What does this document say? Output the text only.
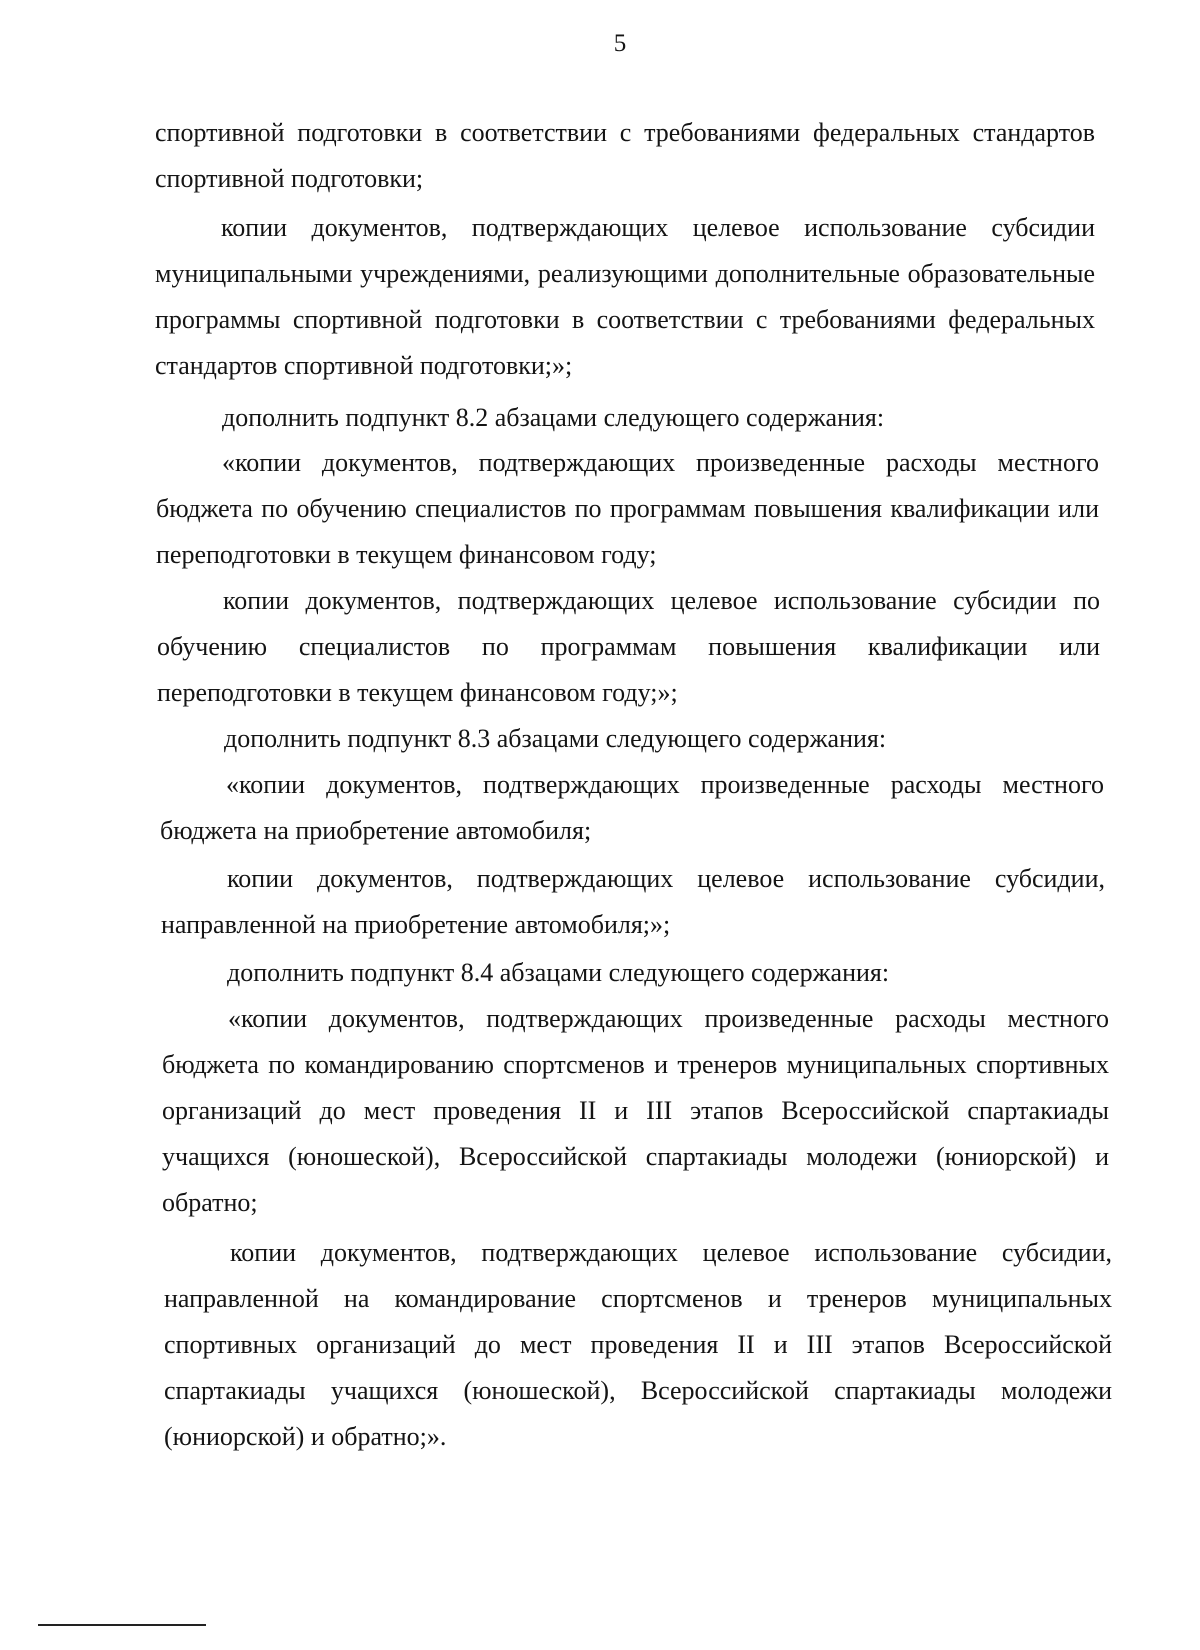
5

спортивной подготовки в соответствии с требованиями федеральных стандартов спортивной подготовки;

копии документов, подтверждающих целевое использование субсидии муниципальными учреждениями, реализующими дополнительные образовательные программы спортивной подготовки в соответствии с требованиями федеральных стандартов спортивной подготовки;»;

дополнить подпункт 8.2 абзацами следующего содержания:

«копии документов, подтверждающих произведенные расходы местного бюджета по обучению специалистов по программам повышения квалификации или переподготовки в текущем финансовом году;

копии документов, подтверждающих целевое использование субсидии по обучению специалистов по программам повышения квалификации или переподготовки в текущем финансовом году;»;

дополнить подпункт 8.3 абзацами следующего содержания:

«копии документов, подтверждающих произведенные расходы местного бюджета на приобретение автомобиля;

копии документов, подтверждающих целевое использование субсидии, направленной на приобретение автомобиля;»;

дополнить подпункт 8.4 абзацами следующего содержания:

«копии документов, подтверждающих произведенные расходы местного бюджета по командированию спортсменов и тренеров муниципальных спортивных организаций до мест проведения II и III этапов Всероссийской спартакиады учащихся (юношеской), Всероссийской спартакиады молодежи (юниорской) и обратно;

копии документов, подтверждающих целевое использование субсидии, направленной на командирование спортсменов и тренеров муниципальных спортивных организаций до мест проведения II и III этапов Всероссийской спартакиады учащихся (юношеской), Всероссийской спартакиады молодежи (юниорской) и обратно;».
